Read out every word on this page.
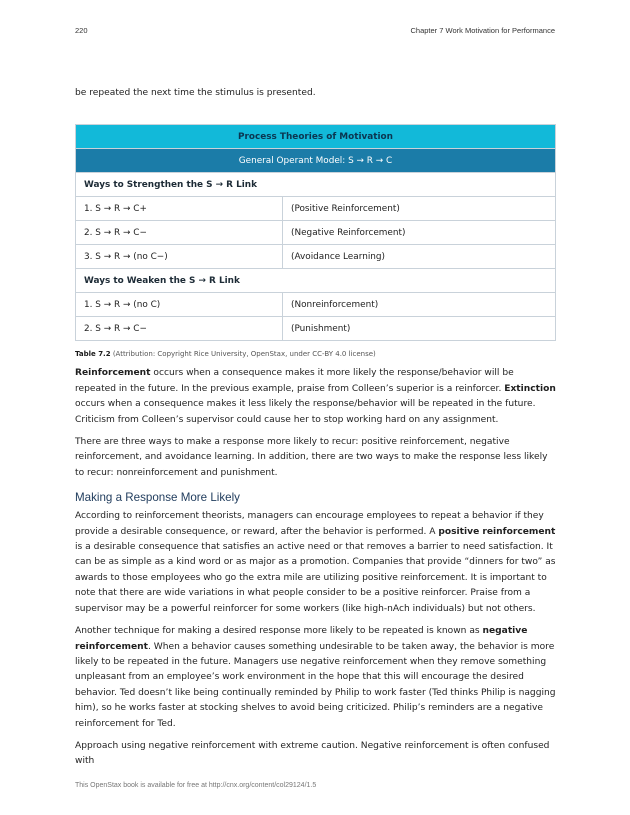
220	Chapter 7 Work Motivation for Performance

be repeated the next time the stimulus is presented.

Process Theories of Motivation	
General Operant Model: S → R → C	
Ways to Strengthen the S → R Link	
1. S → R → C+	(Positive Reinforcement)
2. S → R → C−	(Negative Reinforcement)
3. S → R → (no C−)	(Avoidance Learning)
Ways to Weaken the S → R Link	
1. S → R → (no C)	(Nonreinforcement)
2. S → R → C−	(Punishment)
Table 7.2 (Attribution: Copyright Rice University, OpenStax, under CC-BY 4.0 license)

Reinforcement occurs when a consequence makes it more likely the response/behavior will be repeated in the future. In the previous example, praise from Colleen’s superior is a reinforcer. Extinction occurs when a consequence makes it less likely the response/behavior will be repeated in the future. Criticism from Colleen’s supervisor could cause her to stop working hard on any assignment.

There are three ways to make a response more likely to recur: positive reinforcement, negative reinforcement, and avoidance learning. In addition, there are two ways to make the response less likely to recur: nonreinforcement and punishment.

Making a Response More Likely

According to reinforcement theorists, managers can encourage employees to repeat a behavior if they provide a desirable consequence, or reward, after the behavior is performed. A positive reinforcement is a desirable consequence that satisfies an active need or that removes a barrier to need satisfaction. It can be as simple as a kind word or as major as a promotion. Companies that provide “dinners for two” as awards to those employees who go the extra mile are utilizing positive reinforcement. It is important to note that there are wide variations in what people consider to be a positive reinforcer. Praise from a supervisor may be a powerful reinforcer for some workers (like high-nAch individuals) but not others.

Another technique for making a desired response more likely to be repeated is known as negative reinforcement. When a behavior causes something undesirable to be taken away, the behavior is more likely to be repeated in the future. Managers use negative reinforcement when they remove something unpleasant from an employee’s work environment in the hope that this will encourage the desired behavior. Ted doesn’t like being continually reminded by Philip to work faster (Ted thinks Philip is nagging him), so he works faster at stocking shelves to avoid being criticized. Philip’s reminders are a negative reinforcement for Ted.

Approach using negative reinforcement with extreme caution. Negative reinforcement is often confused with

This OpenStax book is available for free at http://cnx.org/content/col29124/1.5
